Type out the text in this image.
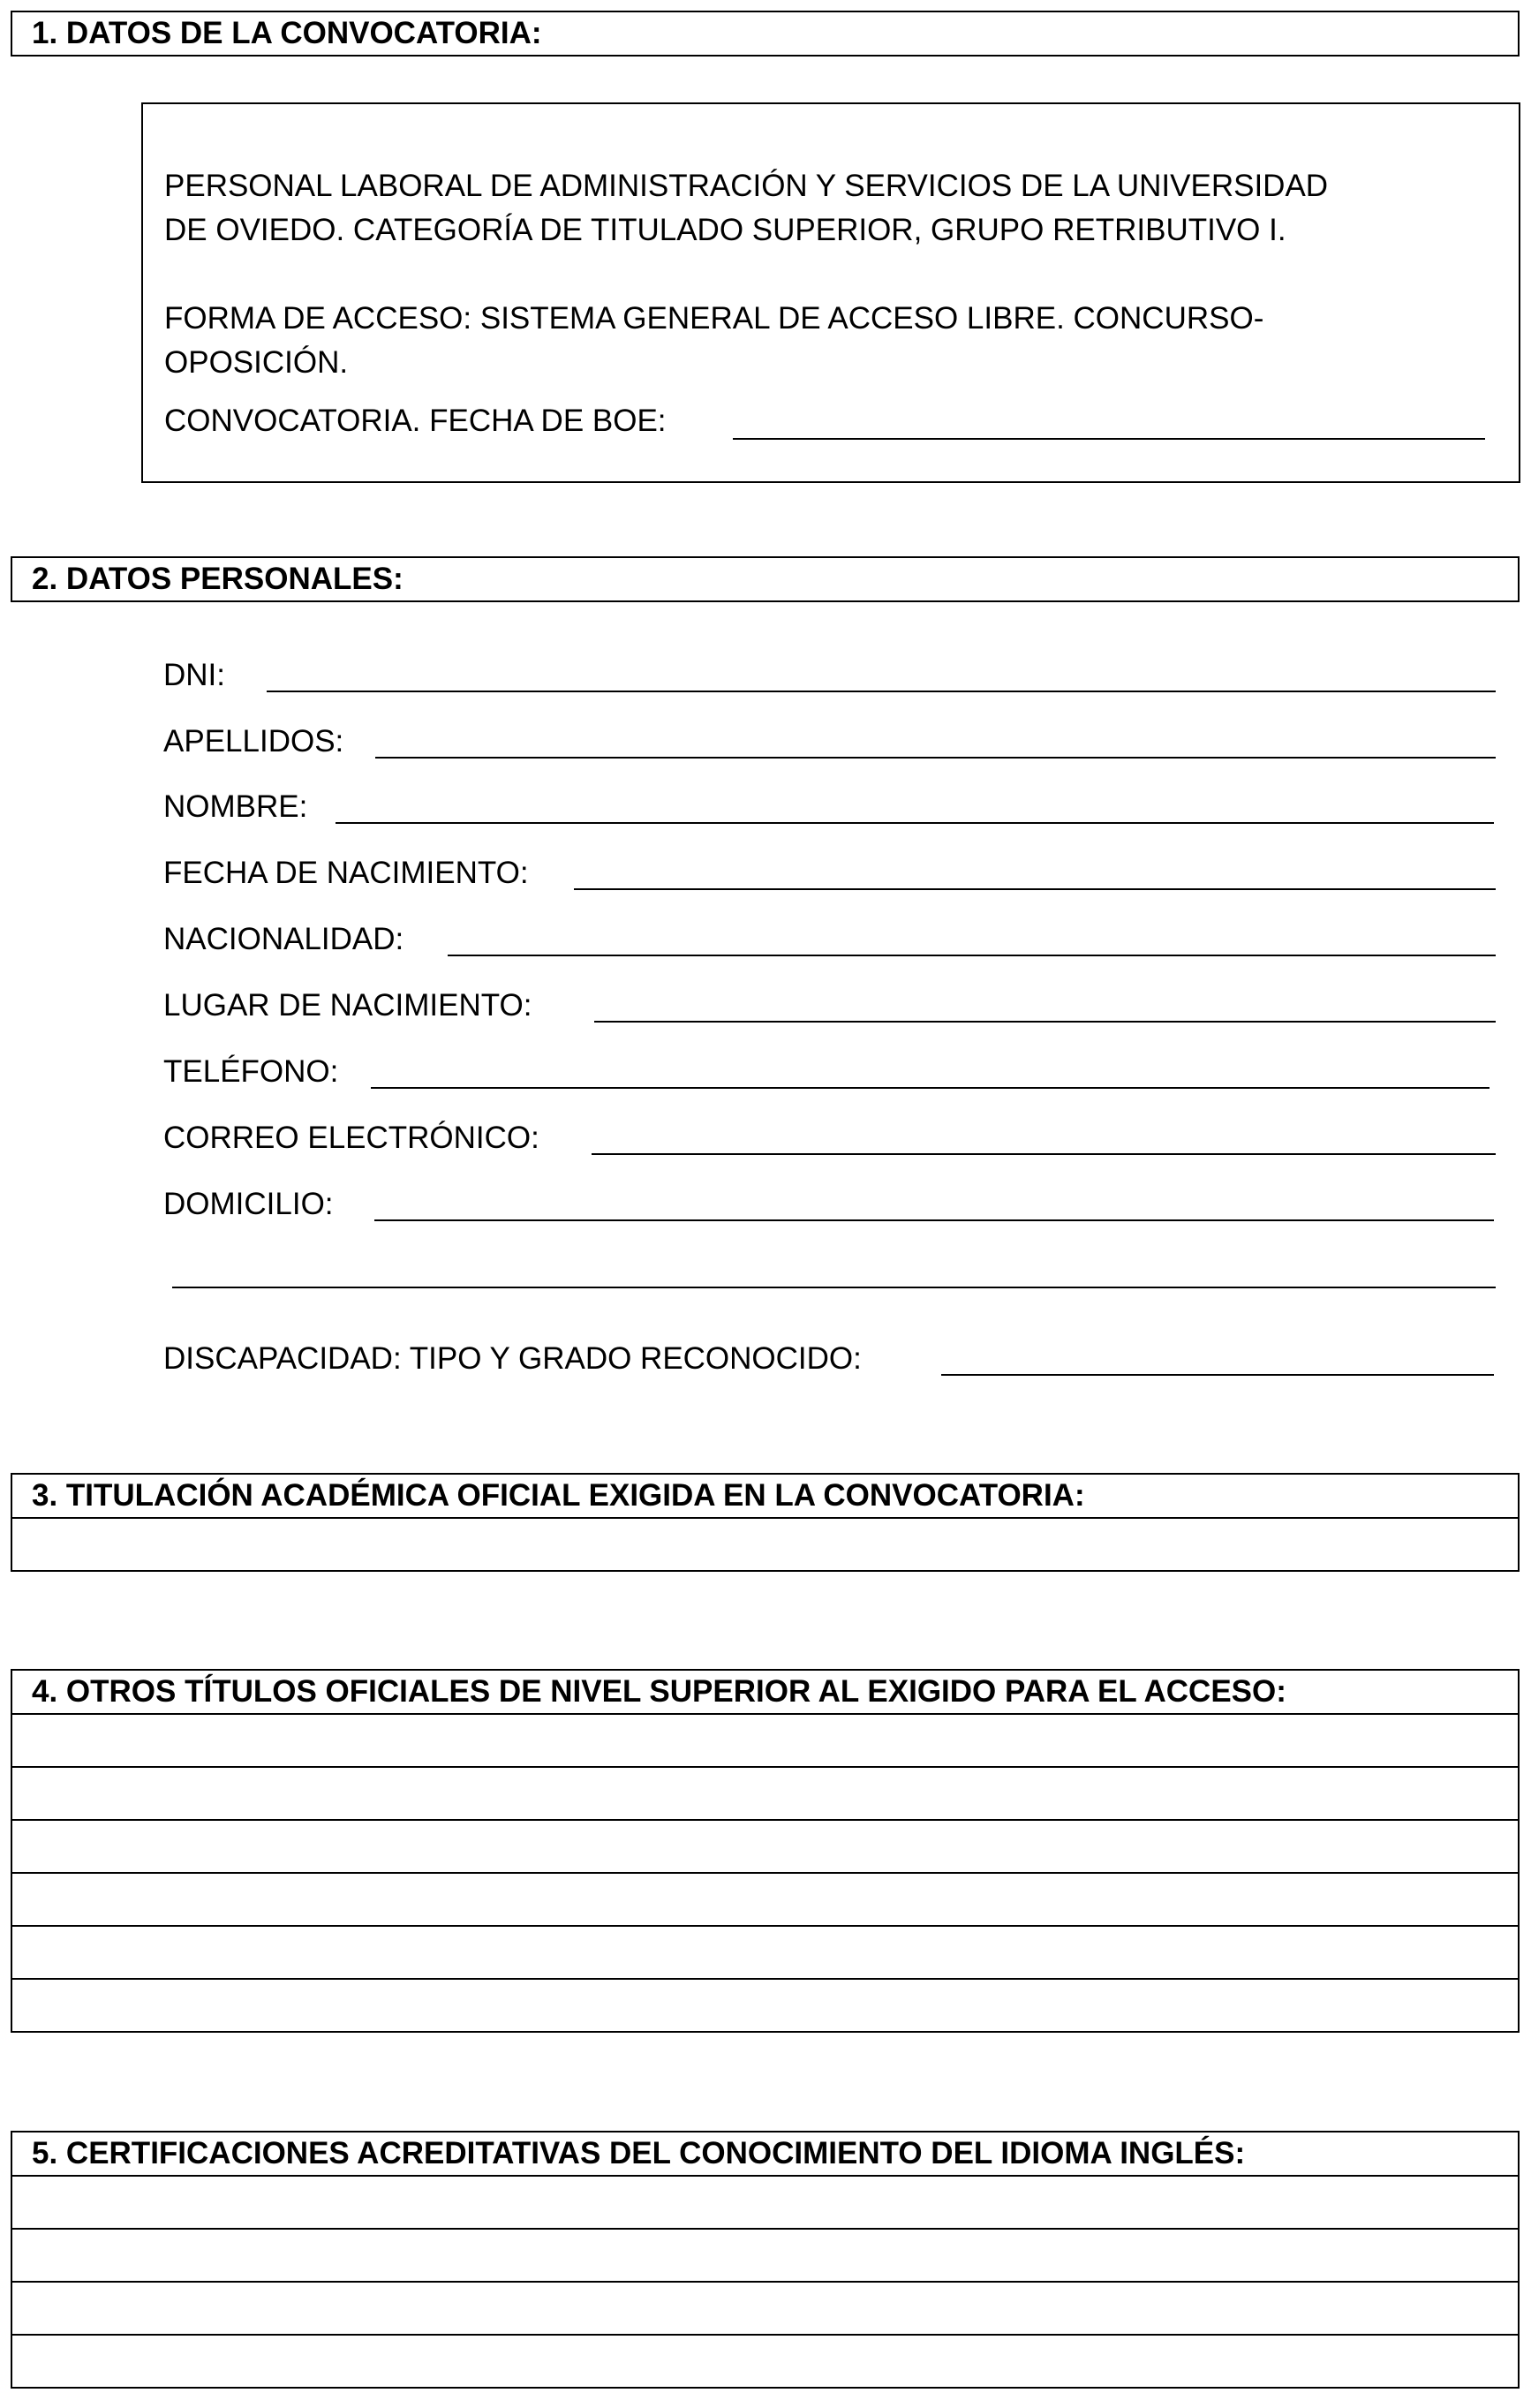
1. DATOS DE LA CONVOCATORIA:
PERSONAL LABORAL DE ADMINISTRACIÓN Y SERVICIOS DE LA UNIVERSIDAD
DE OVIEDO. CATEGORÍA DE TITULADO SUPERIOR, GRUPO RETRIBUTIVO I.
FORMA DE ACCESO: SISTEMA GENERAL DE ACCESO LIBRE. CONCURSO-
OPOSICIÓN.
CONVOCATORIA. FECHA DE BOE:
2. DATOS PERSONALES:
DNI:
APELLIDOS:
NOMBRE:
FECHA DE NACIMIENTO:
NACIONALIDAD:
LUGAR DE NACIMIENTO:
TELÉFONO:
CORREO ELECTRÓNICO:
DOMICILIO:
DISCAPACIDAD: TIPO Y GRADO RECONOCIDO:
3. TITULACIÓN ACADÉMICA OFICIAL EXIGIDA EN LA CONVOCATORIA:
4. OTROS TÍTULOS OFICIALES DE NIVEL SUPERIOR AL EXIGIDO PARA EL ACCESO:
5. CERTIFICACIONES ACREDITATIVAS DEL CONOCIMIENTO DEL IDIOMA INGLÉS:
